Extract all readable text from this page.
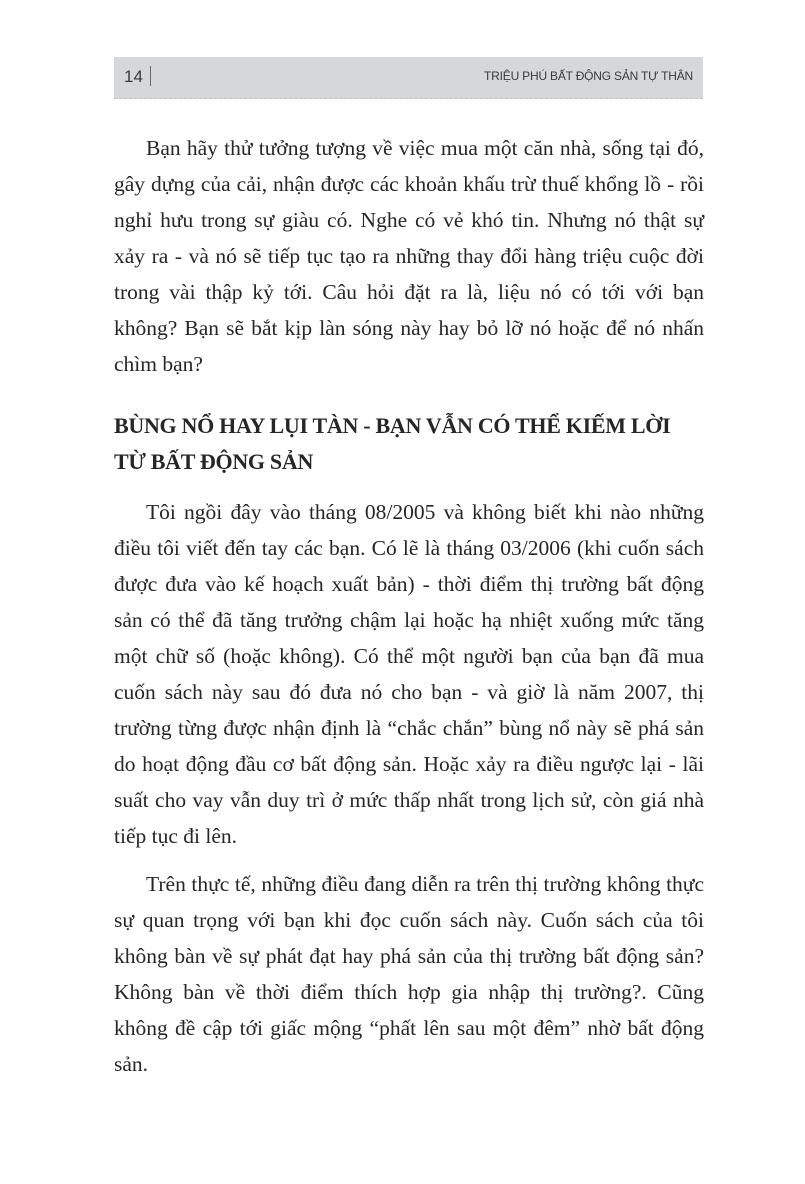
14	TRIỆU PHÚ BẤT ĐỘNG SẢN TỰ THÂN

Bạn hãy thử tưởng tượng về việc mua một căn nhà, sống tại đó, gây dựng của cải, nhận được các khoản khấu trừ thuế khổng lồ - rồi nghỉ hưu trong sự giàu có. Nghe có vẻ khó tin. Nhưng nó thật sự xảy ra - và nó sẽ tiếp tục tạo ra những thay đổi hàng triệu cuộc đời trong vài thập kỷ tới. Câu hỏi đặt ra là, liệu nó có tới với bạn không? Bạn sẽ bắt kịp làn sóng này hay bỏ lỡ nó hoặc để nó nhấn chìm bạn?

BÙNG NỔ HAY LỤI TÀN - BẠN VẪN CÓ THỂ KIẾM LỜI TỪ BẤT ĐỘNG SẢN

Tôi ngồi đây vào tháng 08/2005 và không biết khi nào những điều tôi viết đến tay các bạn. Có lẽ là tháng 03/2006 (khi cuốn sách được đưa vào kế hoạch xuất bản) - thời điểm thị trường bất động sản có thể đã tăng trưởng chậm lại hoặc hạ nhiệt xuống mức tăng một chữ số (hoặc không). Có thể một người bạn của bạn đã mua cuốn sách này sau đó đưa nó cho bạn - và giờ là năm 2007, thị trường từng được nhận định là “chắc chắn” bùng nổ này sẽ phá sản do hoạt động đầu cơ bất động sản. Hoặc xảy ra điều ngược lại - lãi suất cho vay vẫn duy trì ở mức thấp nhất trong lịch sử, còn giá nhà tiếp tục đi lên.

Trên thực tế, những điều đang diễn ra trên thị trường không thực sự quan trọng với bạn khi đọc cuốn sách này. Cuốn sách của tôi không bàn về sự phát đạt hay phá sản của thị trường bất động sản? Không bàn về thời điểm thích hợp gia nhập thị trường?. Cũng không đề cập tới giấc mộng “phất lên sau một đêm” nhờ bất động sản.
